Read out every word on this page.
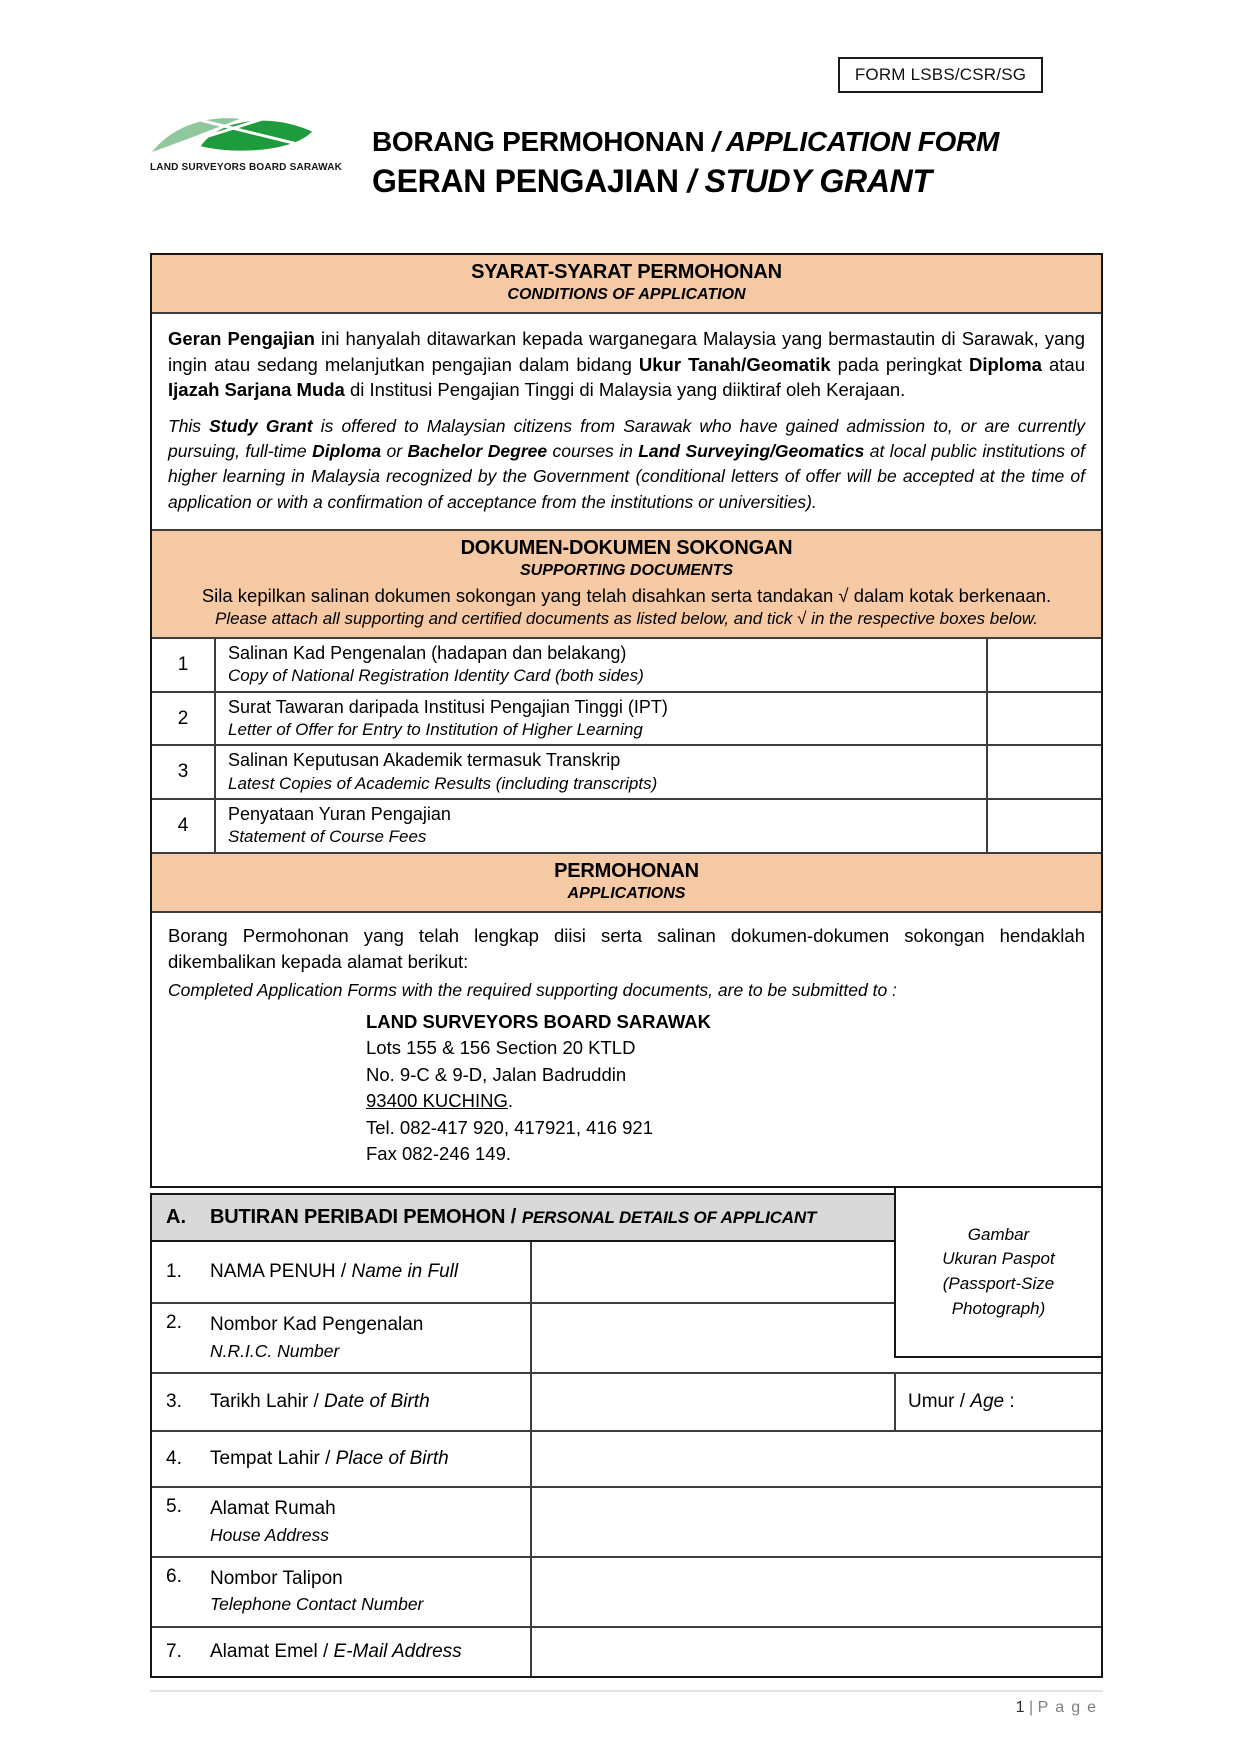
FORM LSBS/CSR/SG
LAND SURVEYORS BOARD SARAWAK
BORANG PERMOHONAN / APPLICATION FORM
GERAN PENGAJIAN / STUDY GRANT
SYARAT-SYARAT PERMOHONAN
CONDITIONS OF APPLICATION

Geran Pengajian ini hanyalah ditawarkan kepada warganegara Malaysia yang bermastautin di Sarawak, yang ingin atau sedang melanjutkan pengajian dalam bidang Ukur Tanah/Geomatik pada peringkat Diploma atau Ijazah Sarjana Muda di Institusi Pengajian Tinggi di Malaysia yang diiktiraf oleh Kerajaan.

This Study Grant is offered to Malaysian citizens from Sarawak who have gained admission to, or are currently pursuing, full-time Diploma or Bachelor Degree courses in Land Surveying/Geomatics at local public institutions of higher learning in Malaysia recognized by the Government (conditional letters of offer will be accepted at the time of application or with a confirmation of acceptance from the institutions or universities).

DOKUMEN-DOKUMEN SOKONGAN
SUPPORTING DOCUMENTS
Sila kepilkan salinan dokumen sokongan yang telah disahkan serta tandakan √ dalam kotak berkenaan.
Please attach all supporting and certified documents as listed below, and tick √ in the respective boxes below.
1
Salinan Kad Pengenalan (hadapan dan belakang)
Copy of National Registration Identity Card (both sides)
2
Surat Tawaran daripada Institusi Pengajian Tinggi (IPT)
Letter of Offer for Entry to Institution of Higher Learning
3
Salinan Keputusan Akademik termasuk Transkrip
Latest Copies of Academic Results (including transcripts)
4
Penyataan Yuran Pengajian
Statement of Course Fees
PERMOHONAN
APPLICATIONS

Borang Permohonan yang telah lengkap diisi serta salinan dokumen-dokumen sokongan hendaklah dikembalikan kepada alamat berikut:

Completed Application Forms with the required supporting documents, are to be submitted to :

LAND SURVEYORS BOARD SARAWAK
Lots 155 & 156 Section 20 KTLD
No. 9-C & 9-D, Jalan Badruddin
93400 KUCHING.
Tel. 082-417 920, 417921, 416 921
Fax 082-246 149.
Gambar
Ukuran Paspot
(Passport-Size
Photograph)
A.	BUTIRAN PERIBADI PEMOHON / PERSONAL DETAILS OF APPLICANT
1.	NAMA PENUH / Name in Full
2.	Nombor Kad Pengenalan
N.R.I.C. Number
3.	Tarikh Lahir / Date of Birth	Umur / Age :
4.	Tempat Lahir / Place of Birth
5.	Alamat Rumah
House Address
6.	Nombor Talipon
Telephone Contact Number
7.	Alamat Emel / E-Mail Address
1 | Page
